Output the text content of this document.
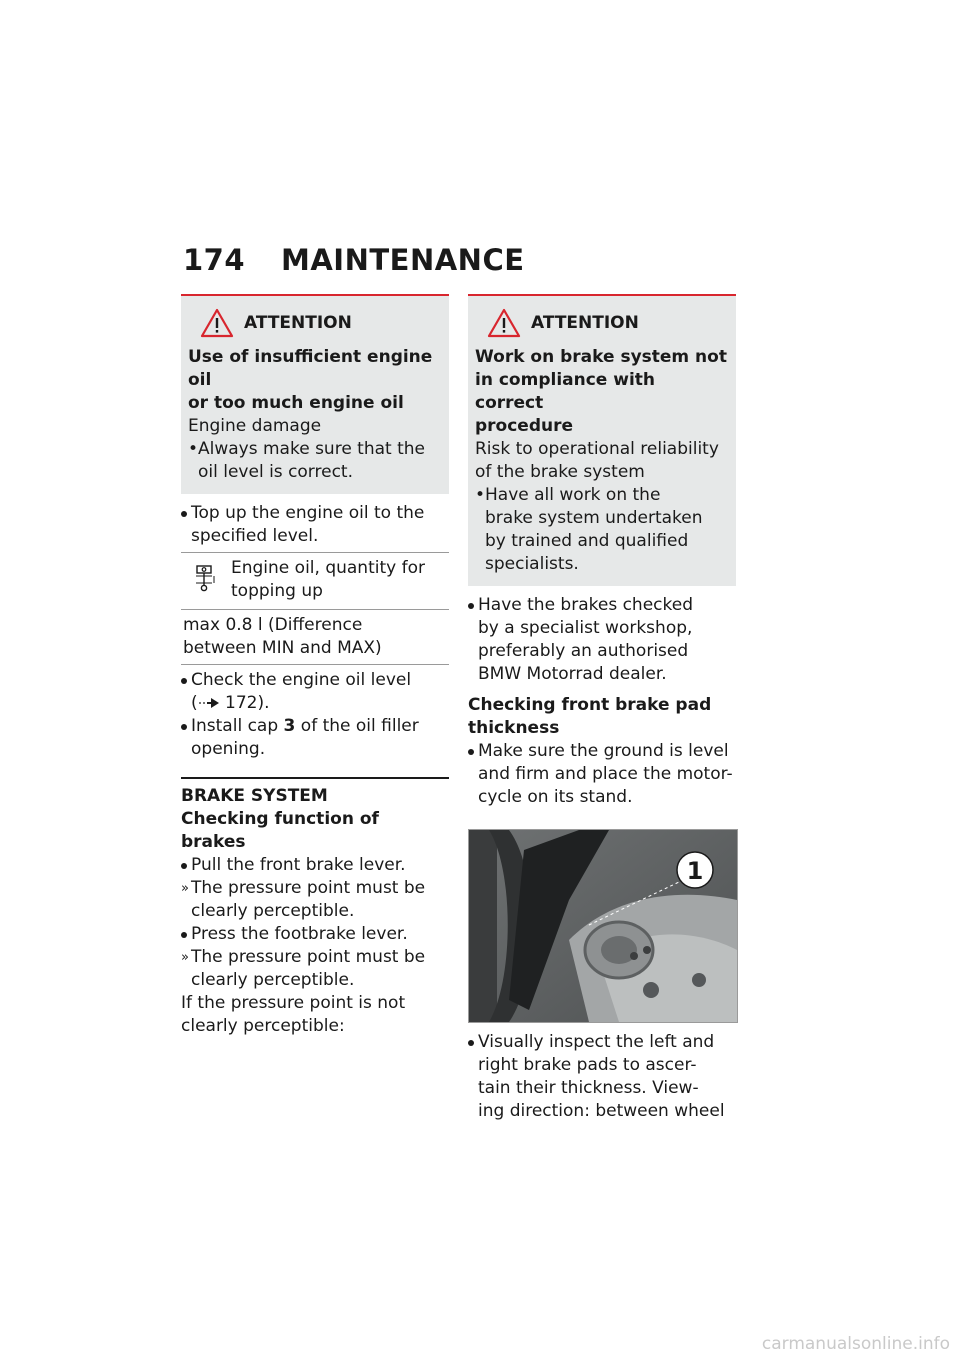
174 MAINTENANCE
ATTENTION

Use of insufficient engine oil

or too much engine oil

Engine damage

• Always make sure that the

oil level is correct.

Top up the engine oil to the

specified level.

Engine oil, quantity for

topping up

max 0.8 l (Difference

between MIN and MAX)

Check the engine oil level

( 172).

Install cap 3 of the oil filler

opening.

BRAKE SYSTEM

Checking function of brakes

Pull the front brake lever.

» The pressure point must be

clearly perceptible.

Press the footbrake lever.

» The pressure point must be

clearly perceptible.

If the pressure point is not

clearly perceptible:

ATTENTION

Work on brake system not

in compliance with correct

procedure

Risk to operational reliability

of the brake system

• Have all work on the

brake system undertaken

by trained and qualified

specialists.

Have the brakes checked

by a specialist workshop,

preferably an authorised

BMW Motorrad dealer.

Checking front brake pad

thickness

Make sure the ground is level

and firm and place the motor-

cycle on its stand.

1

Visually inspect the left and

right brake pads to ascer-

tain their thickness. View-

ing direction: between wheel

carmanualsonline.info
